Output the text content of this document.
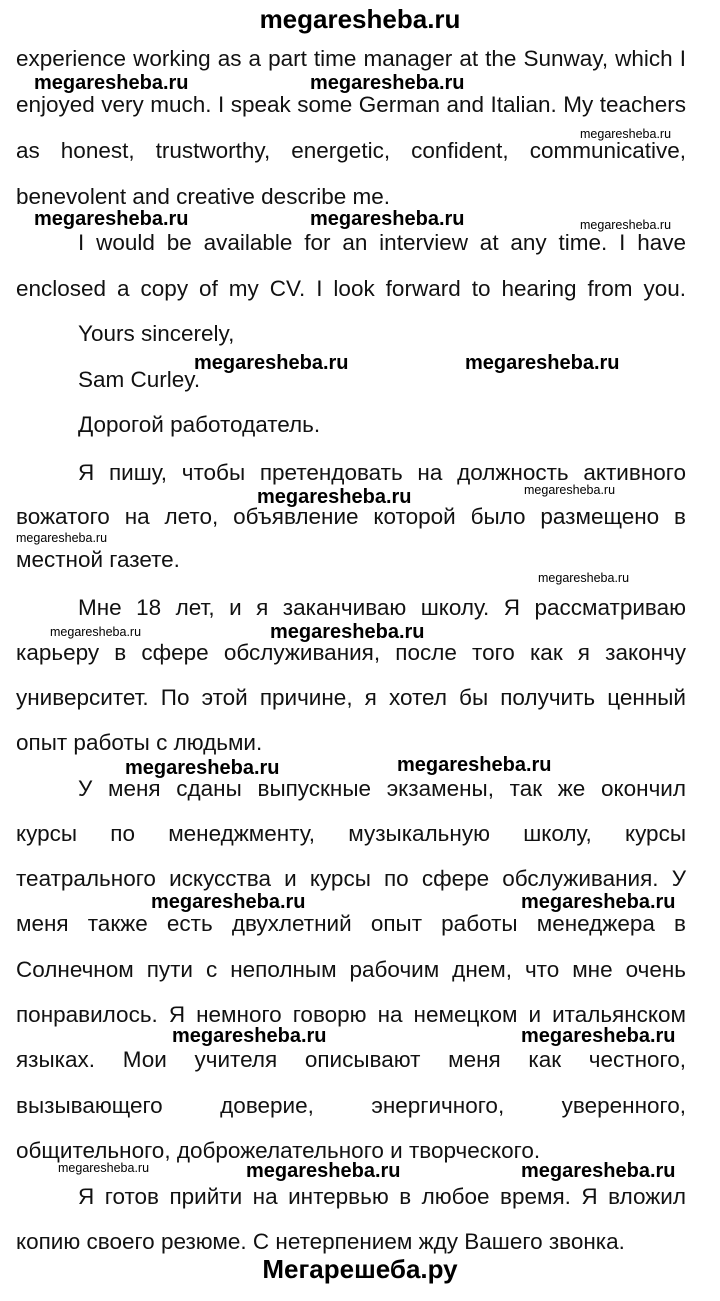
megaresheba.ru
experience working as a part time manager at the Sunway, which I
enjoyed very much. I speak some German and Italian. My teachers
as honest, trustworthy, energetic, confident, communicative,
benevolent and creative describe me.
I would be available for an interview at any time. I have
enclosed a copy of my CV. I look forward to hearing from you.
Yours sincerely,
Sam Curley.
Дорогой работодатель.
Я пишу, чтобы претендовать на должность активного
вожатого на лето, объявление которой было размещено в
местной газете.
Мне 18 лет, и я заканчиваю школу. Я рассматриваю
карьеру в сфере обслуживания, после того как я закончу
университет. По этой причине, я хотел бы получить ценный
опыт работы с людьми.
У меня сданы выпускные экзамены, так же окончил
курсы по менеджменту, музыкальную школу, курсы
театрального искусства и курсы по сфере обслуживания. У
меня также есть двухлетний опыт работы менеджера в
Солнечном пути с неполным рабочим днем, что мне очень
понравилось. Я немного говорю на немецком и итальянском
языках. Мои учителя описывают меня как честного,
вызывающего доверие, энергичного, уверенного,
общительного, доброжелательного и творческого.
Я готов прийти на интервью в любое время. Я вложил
копию своего резюме. С нетерпением жду Вашего звонка.
megaresheba.ru	megaresheba.ru
megaresheba.ru
megaresheba.ru	megaresheba.ru	megaresheba.ru
megaresheba.ru	megaresheba.ru
megaresheba.ru	megaresheba.ru
megaresheba.ru
megaresheba.ru
megaresheba.ru	megaresheba.ru
megaresheba.ru	megaresheba.ru
megaresheba.ru	megaresheba.ru
megaresheba.ru	megaresheba.ru
megaresheba.ru	megaresheba.ru	megaresheba.ru
Мегарешеба.ру
